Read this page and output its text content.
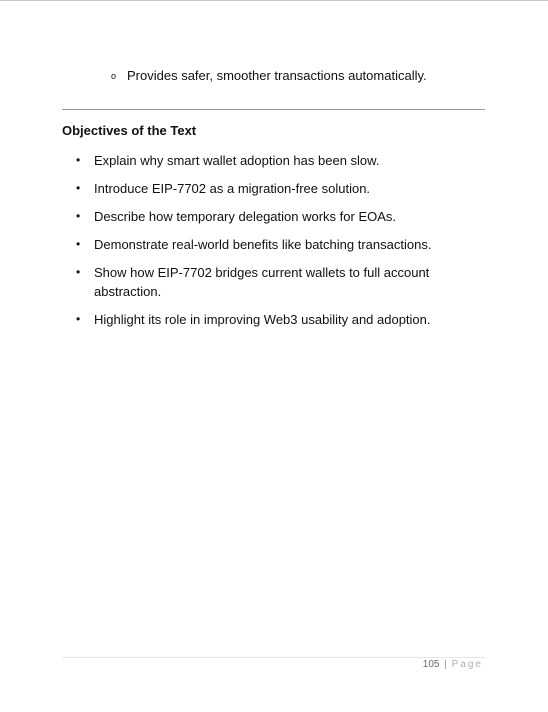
o Provides safer, smoother transactions automatically.
Objectives of the Text
•	Explain why smart wallet adoption has been slow.
•	Introduce EIP-7702 as a migration-free solution.
•	Describe how temporary delegation works for EOAs.
•	Demonstrate real-world benefits like batching transactions.
•	Show how EIP-7702 bridges current wallets to full account abstraction.
•	Highlight its role in improving Web3 usability and adoption.
105 | Page
